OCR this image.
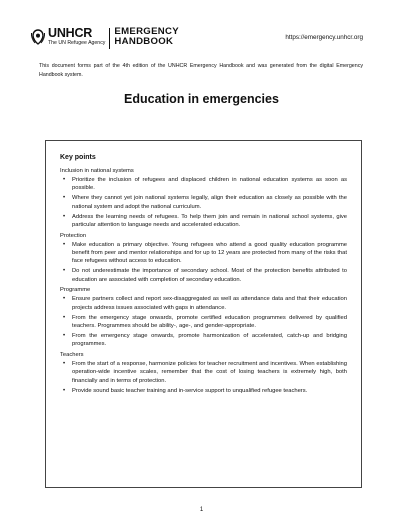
UNHCR
The UN Refugee Agency
EMERGENCY
HANDBOOK	https://emergency.unhcr.org

This document forms part of the 4th edition of the UNHCR Emergency Handbook and was generated from the digital Emergency Handbook system.

Education in emergencies
Key points
Inclusion in national systems
• Prioritize the inclusion of refugees and displaced children in national education systems as soon as possible.
• Where they cannot yet join national systems legally, align their education as closely as possible with the national system and adopt the national curriculum.
• Address the learning needs of refugees. To help them join and remain in national school systems, give particular attention to language needs and accelerated education.
Protection
• Make education a primary objective. Young refugees who attend a good quality education programme benefit from peer and mentor relationships and for up to 12 years are protected from many of the risks that face refugees without access to education.
• Do not underestimate the importance of secondary school. Most of the protection benefits attributed to education are associated with completion of secondary education.
Programme
• Ensure partners collect and report sex-disaggregated as well as attendance data and that their education projects address issues associated with gaps in attendance.
• From the emergency stage onwards, promote certified education programmes delivered by qualified teachers. Programmes should be ability-, age-, and gender-appropriate.
• From the emergency stage onwards, promote harmonization of accelerated, catch-up and bridging programmes.
Teachers
• From the start of a response, harmonize policies for teacher recruitment and incentives. When establishing operation-wide incentive scales, remember that the cost of losing teachers is extremely high, both financially and in terms of protection.
• Provide sound basic teacher training and in-service support to unqualified refugee teachers.
1
